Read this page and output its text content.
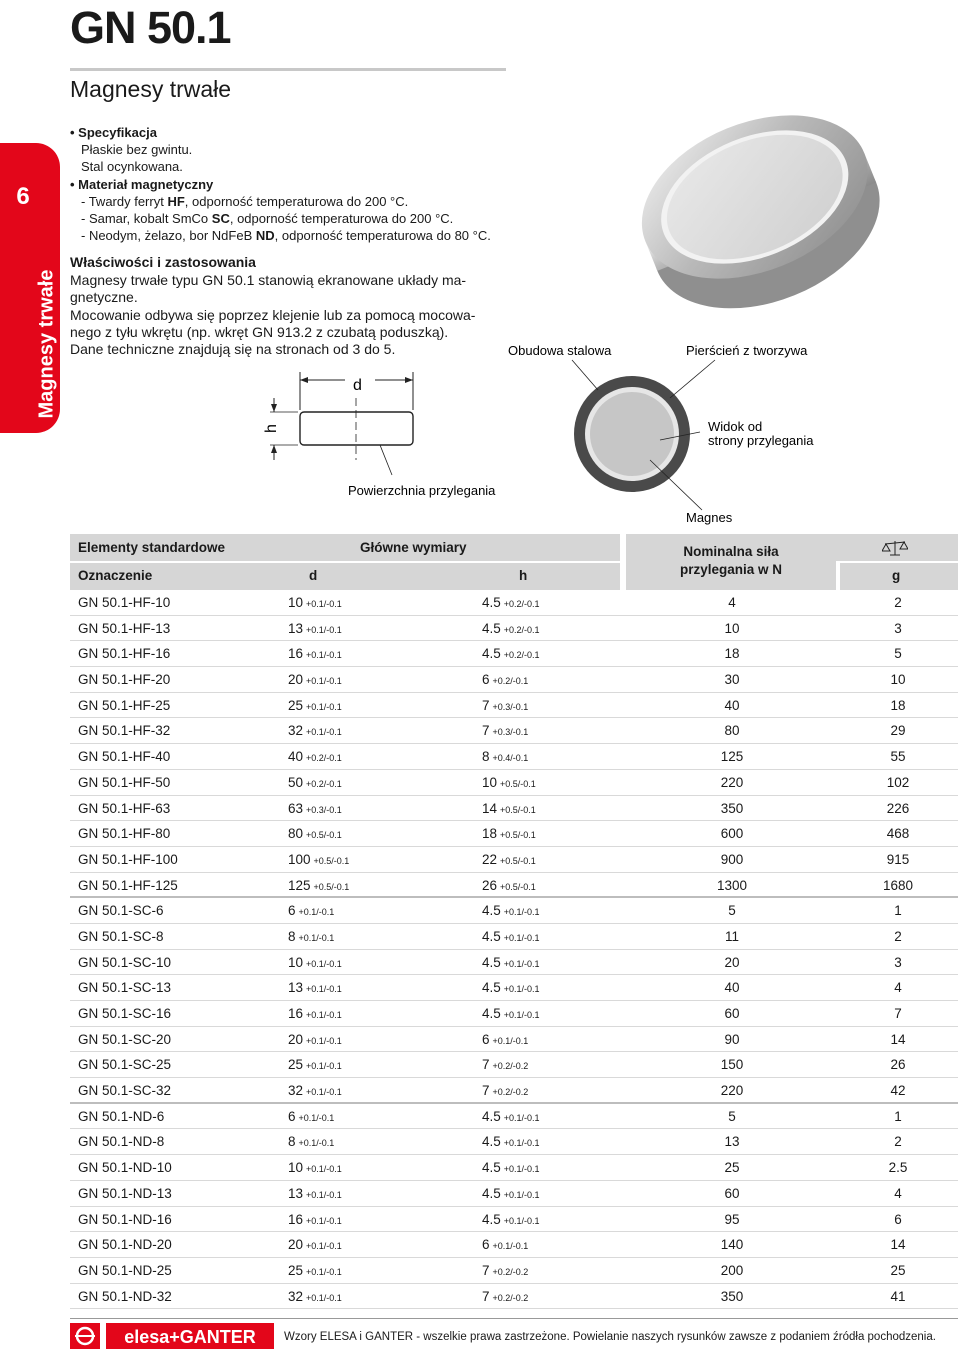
GN 50.1
Magnesy trwałe
6
Magnesy trwałe
• Specyfikacja
Płaskie bez gwintu.
Stal ocynkowana.
• Materiał magnetyczny
- Twardy ferryt HF, odporność temperaturowa do 200 °C.
- Samar, kobalt SmCo SC, odporność temperaturowa do 200 °C.
- Neodym, żelazo, bor NdFeB ND, odporność temperaturowa do 80 °C.
Właściwości i zastosowania
Magnesy trwałe typu GN 50.1 stanowią ekranowane układy ma-
gnetyczne.
Mocowanie odbywa się poprzez klejenie lub za pomocą mocowa-
nego z tyłu wkrętu (np. wkręt GN 913.2 z czubatą poduszką).
Dane techniczne znajdują się na stronach od 3 do 5.
d
h
Powierzchnia przylegania
Obudowa stalowa	Pierścień z tworzywa
Widok od
strony przylegania
Magnes
Elementy standardowe	Główne wymiary	Nominalna siła
przylegania w N
Oznaczenie	d	h	g
GN 50.1-HF-10	10 +0.1/-0.1	4.5 +0.2/-0.1	4	2
GN 50.1-HF-13	13 +0.1/-0.1	4.5 +0.2/-0.1	10	3
GN 50.1-HF-16	16 +0.1/-0.1	4.5 +0.2/-0.1	18	5
GN 50.1-HF-20	20 +0.1/-0.1	6 +0.2/-0.1	30	10
GN 50.1-HF-25	25 +0.1/-0.1	7 +0.3/-0.1	40	18
GN 50.1-HF-32	32 +0.1/-0.1	7 +0.3/-0.1	80	29
GN 50.1-HF-40	40 +0.2/-0.1	8 +0.4/-0.1	125	55
GN 50.1-HF-50	50 +0.2/-0.1	10 +0.5/-0.1	220	102
GN 50.1-HF-63	63 +0.3/-0.1	14 +0.5/-0.1	350	226
GN 50.1-HF-80	80 +0.5/-0.1	18 +0.5/-0.1	600	468
GN 50.1-HF-100	100 +0.5/-0.1	22 +0.5/-0.1	900	915
GN 50.1-HF-125	125 +0.5/-0.1	26 +0.5/-0.1	1300	1680
GN 50.1-SC-6	6 +0.1/-0.1	4.5 +0.1/-0.1	5	1
GN 50.1-SC-8	8 +0.1/-0.1	4.5 +0.1/-0.1	11	2
GN 50.1-SC-10	10 +0.1/-0.1	4.5 +0.1/-0.1	20	3
GN 50.1-SC-13	13 +0.1/-0.1	4.5 +0.1/-0.1	40	4
GN 50.1-SC-16	16 +0.1/-0.1	4.5 +0.1/-0.1	60	7
GN 50.1-SC-20	20 +0.1/-0.1	6 +0.1/-0.1	90	14
GN 50.1-SC-25	25 +0.1/-0.1	7 +0.2/-0.2	150	26
GN 50.1-SC-32	32 +0.1/-0.1	7 +0.2/-0.2	220	42
GN 50.1-ND-6	6 +0.1/-0.1	4.5 +0.1/-0.1	5	1
GN 50.1-ND-8	8 +0.1/-0.1	4.5 +0.1/-0.1	13	2
GN 50.1-ND-10	10 +0.1/-0.1	4.5 +0.1/-0.1	25	2.5
GN 50.1-ND-13	13 +0.1/-0.1	4.5 +0.1/-0.1	60	4
GN 50.1-ND-16	16 +0.1/-0.1	4.5 +0.1/-0.1	95	6
GN 50.1-ND-20	20 +0.1/-0.1	6 +0.1/-0.1	140	14
GN 50.1-ND-25	25 +0.1/-0.1	7 +0.2/-0.2	200	25
GN 50.1-ND-32	32 +0.1/-0.1	7 +0.2/-0.2	350	41
elesa+GANTER Wzory ELESA i GANTER - wszelkie prawa zastrzeżone. Powielanie naszych rysunków zawsze z podaniem źródła pochodzenia.
